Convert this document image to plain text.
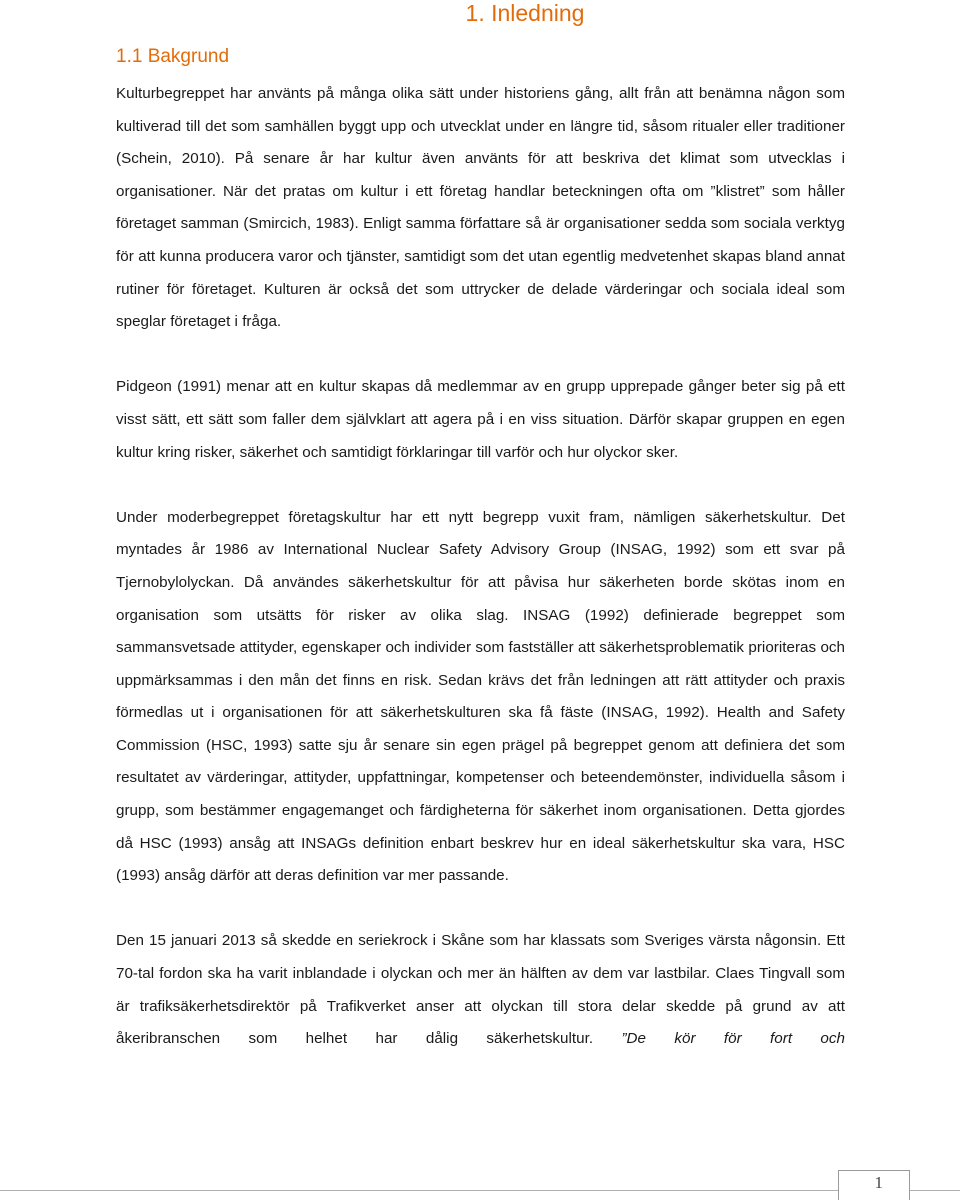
1. Inledning
1.1 Bakgrund

Kulturbegreppet har använts på många olika sätt under historiens gång, allt från att benämna någon som kultiverad till det som samhällen byggt upp och utvecklat under en längre tid, såsom ritualer eller traditioner (Schein, 2010). På senare år har kultur även använts för att beskriva det klimat som utvecklas i organisationer. När det pratas om kultur i ett företag handlar beteckningen ofta om ”klistret” som håller företaget samman (Smircich, 1983). Enligt samma författare så är organisationer sedda som sociala verktyg för att kunna producera varor och tjänster, samtidigt som det utan egentlig medvetenhet skapas bland annat rutiner för företaget. Kulturen är också det som uttrycker de delade värderingar och sociala ideal som speglar företaget i fråga.

Pidgeon (1991) menar att en kultur skapas då medlemmar av en grupp upprepade gånger beter sig på ett visst sätt, ett sätt som faller dem självklart att agera på i en viss situation. Därför skapar gruppen en egen kultur kring risker, säkerhet och samtidigt förklaringar till varför och hur olyckor sker.

Under moderbegreppet företagskultur har ett nytt begrepp vuxit fram, nämligen säkerhetskultur. Det myntades år 1986 av International Nuclear Safety Advisory Group (INSAG, 1992) som ett svar på Tjernobylolyckan. Då användes säkerhetskultur för att påvisa hur säkerheten borde skötas inom en organisation som utsätts för risker av olika slag. INSAG (1992) definierade begreppet som sammansvetsade attityder, egenskaper och individer som fastställer att säkerhetsproblematik prioriteras och uppmärksammas i den mån det finns en risk. Sedan krävs det från ledningen att rätt attityder och praxis förmedlas ut i organisationen för att säkerhetskulturen ska få fäste (INSAG, 1992). Health and Safety Commission (HSC, 1993) satte sju år senare sin egen prägel på begreppet genom att definiera det som resultatet av värderingar, attityder, uppfattningar, kompetenser och beteendemönster, individuella såsom i grupp, som bestämmer engagemanget och färdigheterna för säkerhet inom organisationen. Detta gjordes då HSC (1993) ansåg att INSAGs definition enbart beskrev hur en ideal säkerhetskultur ska vara, HSC (1993) ansåg därför att deras definition var mer passande.

Den 15 januari 2013 så skedde en seriekrock i Skåne som har klassats som Sveriges värsta någonsin. Ett 70-tal fordon ska ha varit inblandade i olyckan och mer än hälften av dem var lastbilar. Claes Tingvall som är trafiksäkerhetsdirektör på Trafikverket anser att olyckan till stora delar skedde på grund av att åkeribranschen som helhet har dålig säkerhetskultur. ”De kör för fort och

1
